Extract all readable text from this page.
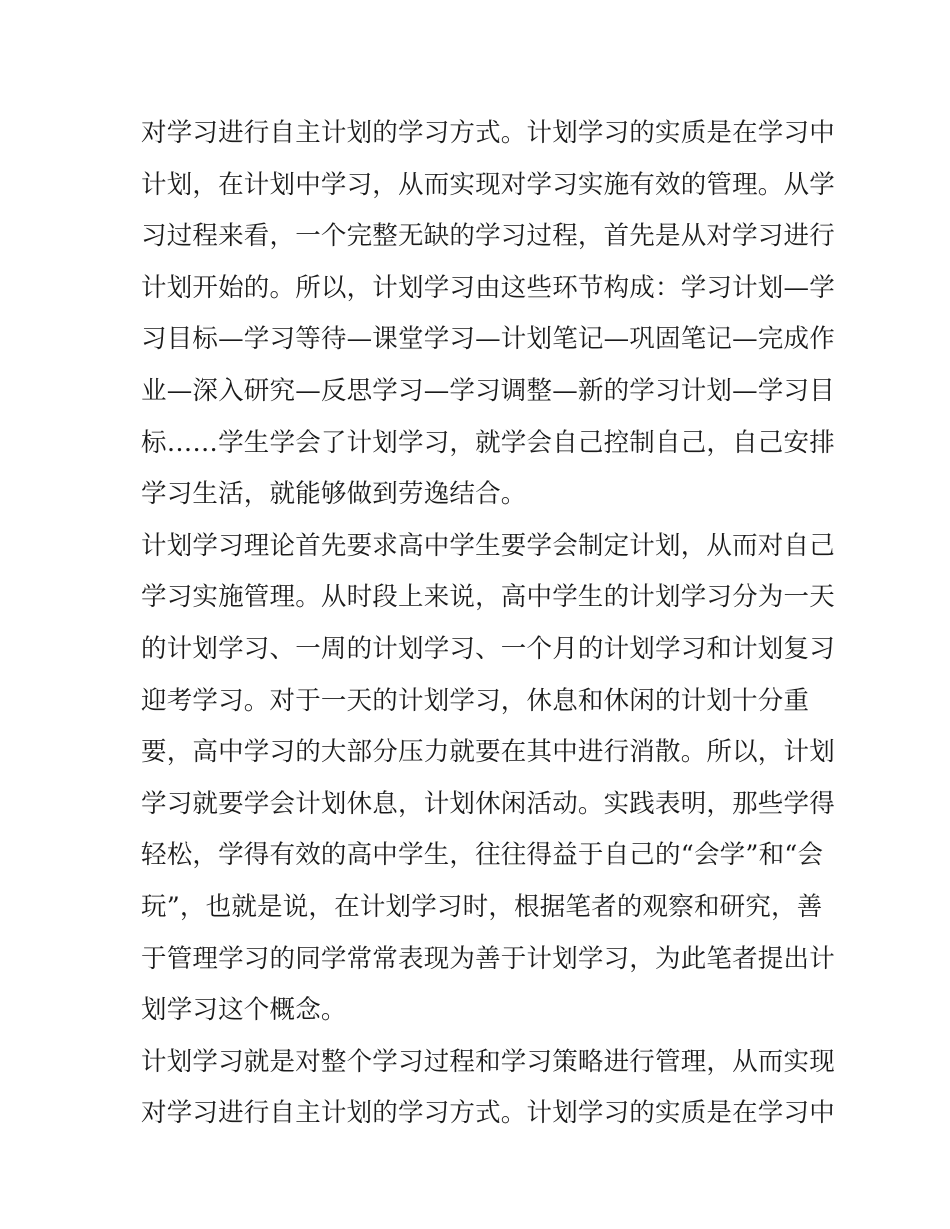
对学习进行自主计划的学习方式。计划学习的实质是在学习中
计划，在计划中学习，从而实现对学习实施有效的管理。从学
习过程来看，一个完整无缺的学习过程，首先是从对学习进行
计划开始的。所以，计划学习由这些环节构成：学习计划—学
习目标—学习等待—课堂学习—计划笔记—巩固笔记—完成作
业—深入研究—反思学习—学习调整—新的学习计划—学习目
标……学生学会了计划学习，就学会自己控制自己，自己安排
学习生活，就能够做到劳逸结合。
计划学习理论首先要求高中学生要学会制定计划，从而对自己
学习实施管理。从时段上来说，高中学生的计划学习分为一天
的计划学习、一周的计划学习、一个月的计划学习和计划复习
迎考学习。对于一天的计划学习，休息和休闲的计划十分重
要，高中学习的大部分压力就要在其中进行消散。所以，计划
学习就要学会计划休息，计划休闲活动。实践表明，那些学得
轻松，学得有效的高中学生，往往得益于自己的“会学”和“会
玩”，也就是说，在计划学习时，根据笔者的观察和研究，善
于管理学习的同学常常表现为善于计划学习，为此笔者提出计
划学习这个概念。
计划学习就是对整个学习过程和学习策略进行管理，从而实现
对学习进行自主计划的学习方式。计划学习的实质是在学习中
